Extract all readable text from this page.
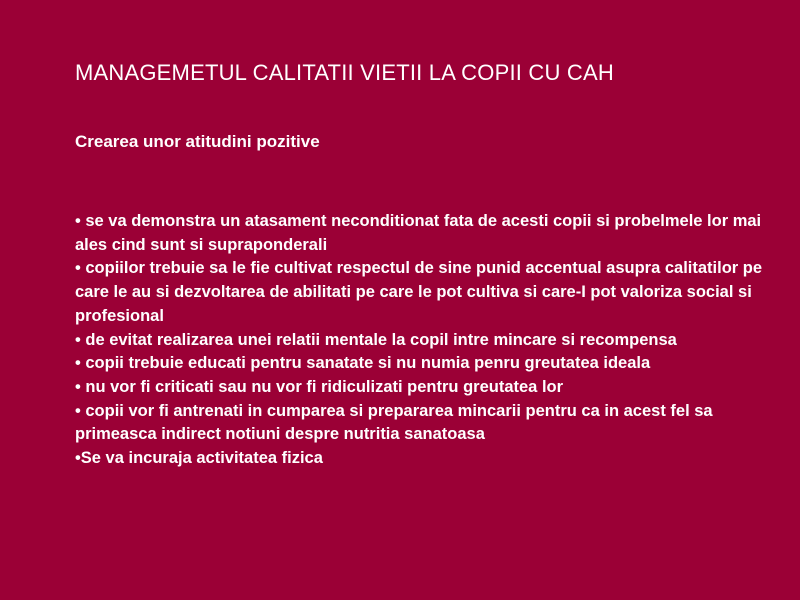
MANAGEMETUL CALITATII VIETII LA COPII CU CAH
Crearea unor atitudini pozitive
• se va demonstra un atasament neconditionat fata de acesti copii si probelmele lor mai ales cind sunt si supraponderali
• copiilor trebuie sa le fie cultivat respectul de sine punid accentual asupra calitatilor pe care le au si dezvoltarea de abilitati pe care le pot cultiva si care-I pot valoriza social si profesional
• de evitat realizarea unei relatii mentale la copil intre mincare si recompensa
• copii trebuie educati pentru sanatate si nu numia penru greutatea ideala
• nu vor fi criticati sau nu vor fi ridiculizati pentru greutatea lor
• copii vor fi antrenati in cumparea si prepararea mincarii pentru ca in acest fel sa primeasca indirect notiuni despre nutritia sanatoasa
•Se va incuraja activitatea fizica
